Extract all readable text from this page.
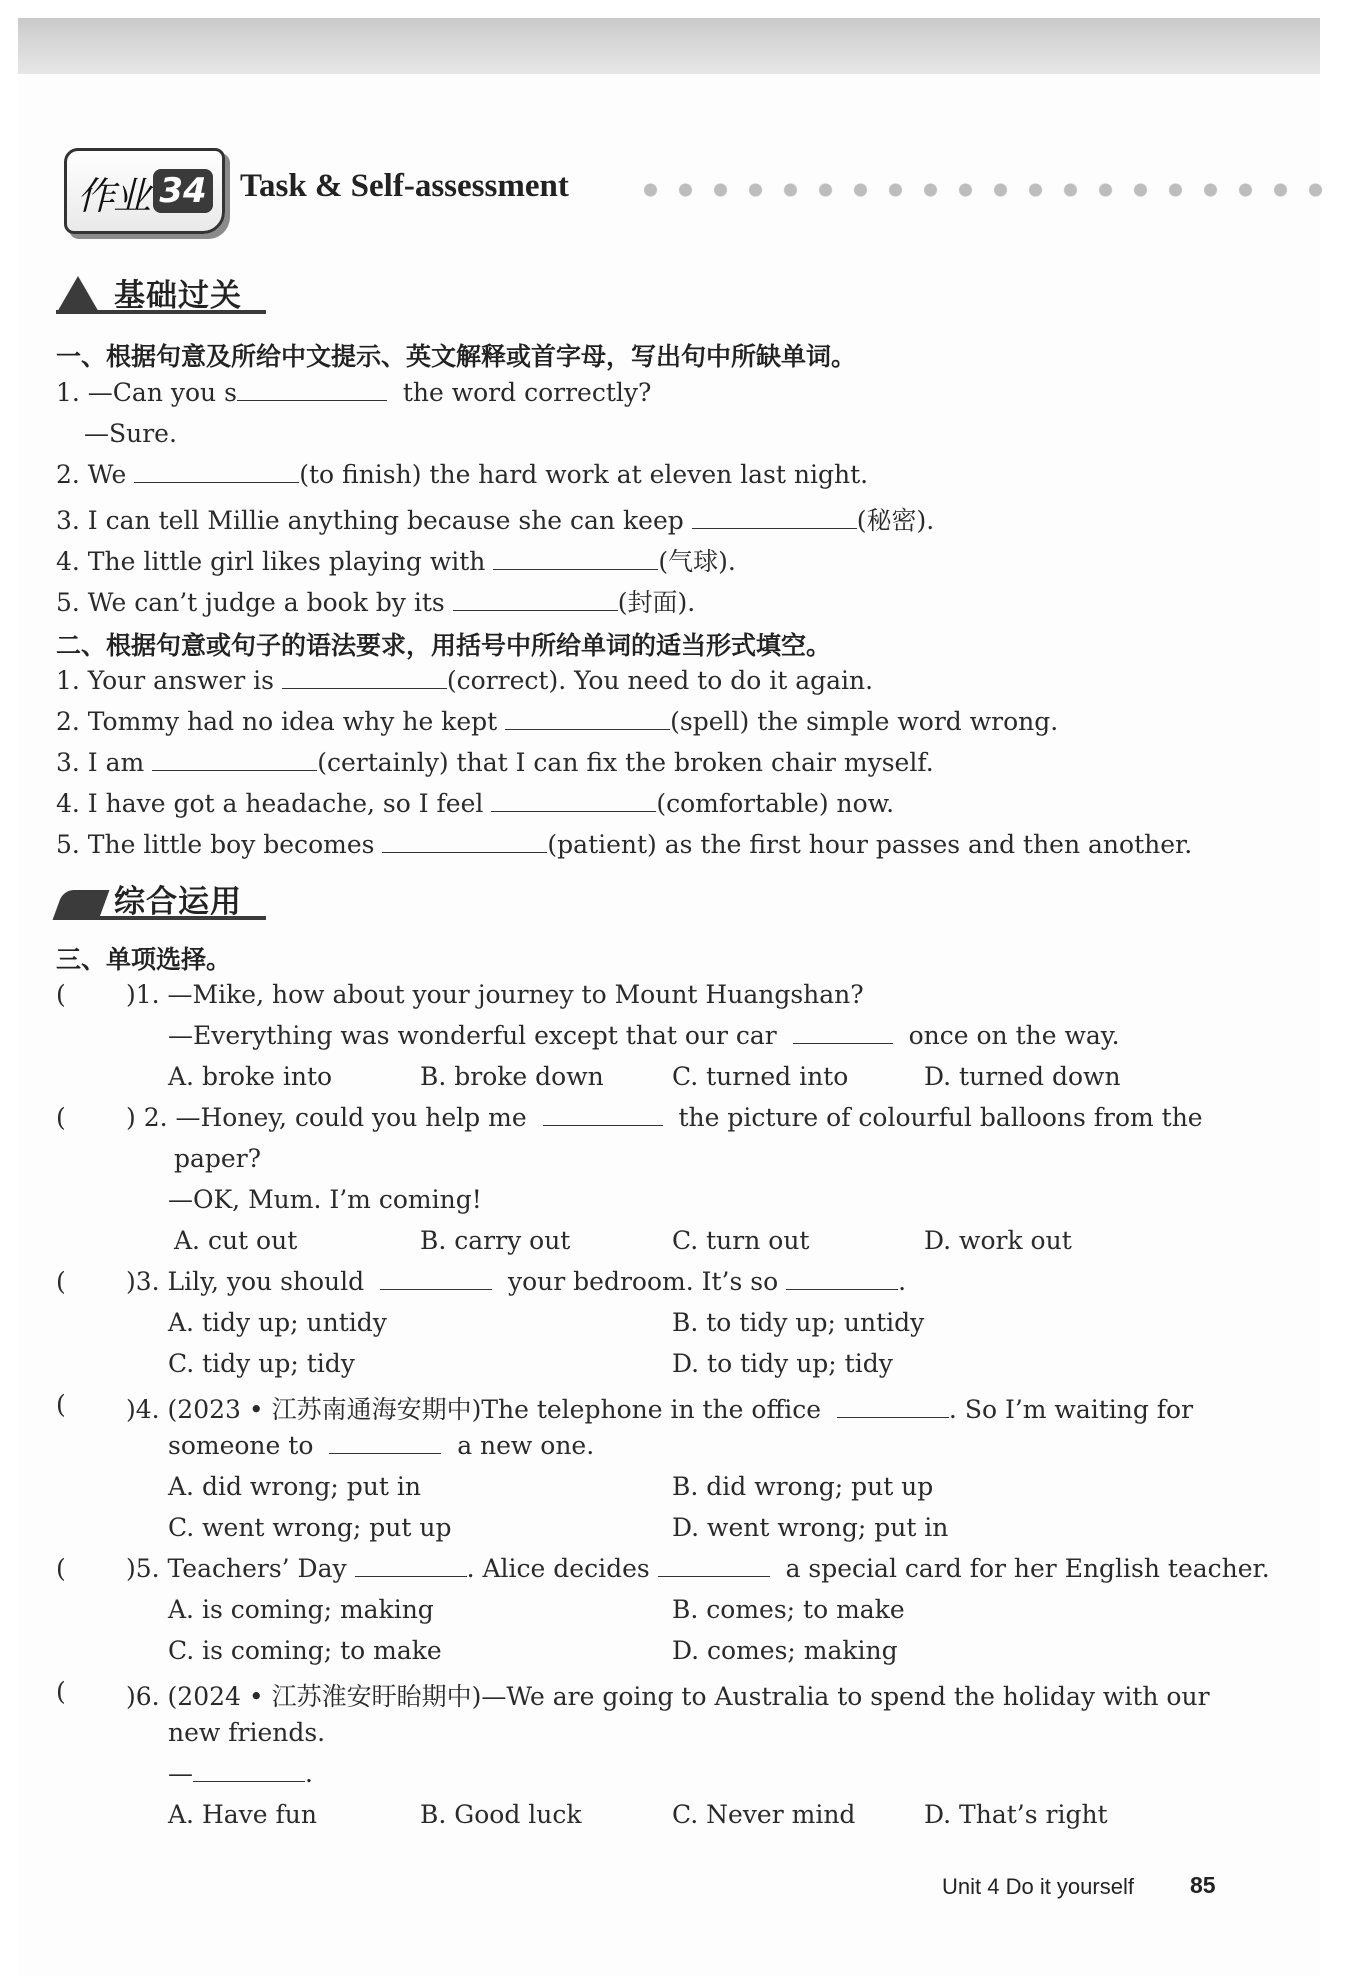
作业 34 Task & Self-assessment
基础过关
一、根据句意及所给中文提示、英文解释或首字母，写出句中所缺单词。
1. —Can you s	the word correctly?
—Sure.
2. We	(to finish) the hard work at eleven last night.
3. I can tell Millie anything because she can keep	(秘密).
4. The little girl likes playing with	(气球).
5. We can’t judge a book by its	(封面).
二、根据句意或句子的语法要求，用括号中所给单词的适当形式填空。
1. Your answer is	(correct). You need to do it again.
2. Tommy had no idea why he kept	(spell) the simple word wrong.
3. I am	(certainly) that I can fix the broken chair myself.
4. I have got a headache, so I feel	(comfortable) now.
5. The little boy becomes	(patient) as the first hour passes and then another.
综合运用
三、单项选择。
( )1. —Mike, how about your journey to Mount Huangshan?
—Everything was wonderful except that our car	once on the way.
A. broke into	B. broke down	C. turned into	D. turned down
( ) 2. —Honey, could you help me	the picture of colourful balloons from the
paper?
—OK, Mum. I’m coming!
A. cut out	B. carry out	C. turn out	D. work out
( )3. Lily, you should	your bedroom. It’s so	.
A. tidy up; untidy	B. to tidy up; untidy
C. tidy up; tidy	D. to tidy up; tidy
( )4. (2023 • 江苏南通海安期中)The telephone in the office	. So I’m waiting for
someone to	a new one.
A. did wrong; put in	B. did wrong; put up
C. went wrong; put up	D. went wrong; put in
( )5. Teachers’ Day	. Alice decides	a special card for her English teacher.
A. is coming; making	B. comes; to make
C. is coming; to make	D. comes; making
( )6. (2024 • 江苏淮安盱眙期中)—We are going to Australia to spend the holiday with our
new friends.
—	.
A. Have fun	B. Good luck	C. Never mind	D. That’s right
Unit 4 Do it yourself 85
